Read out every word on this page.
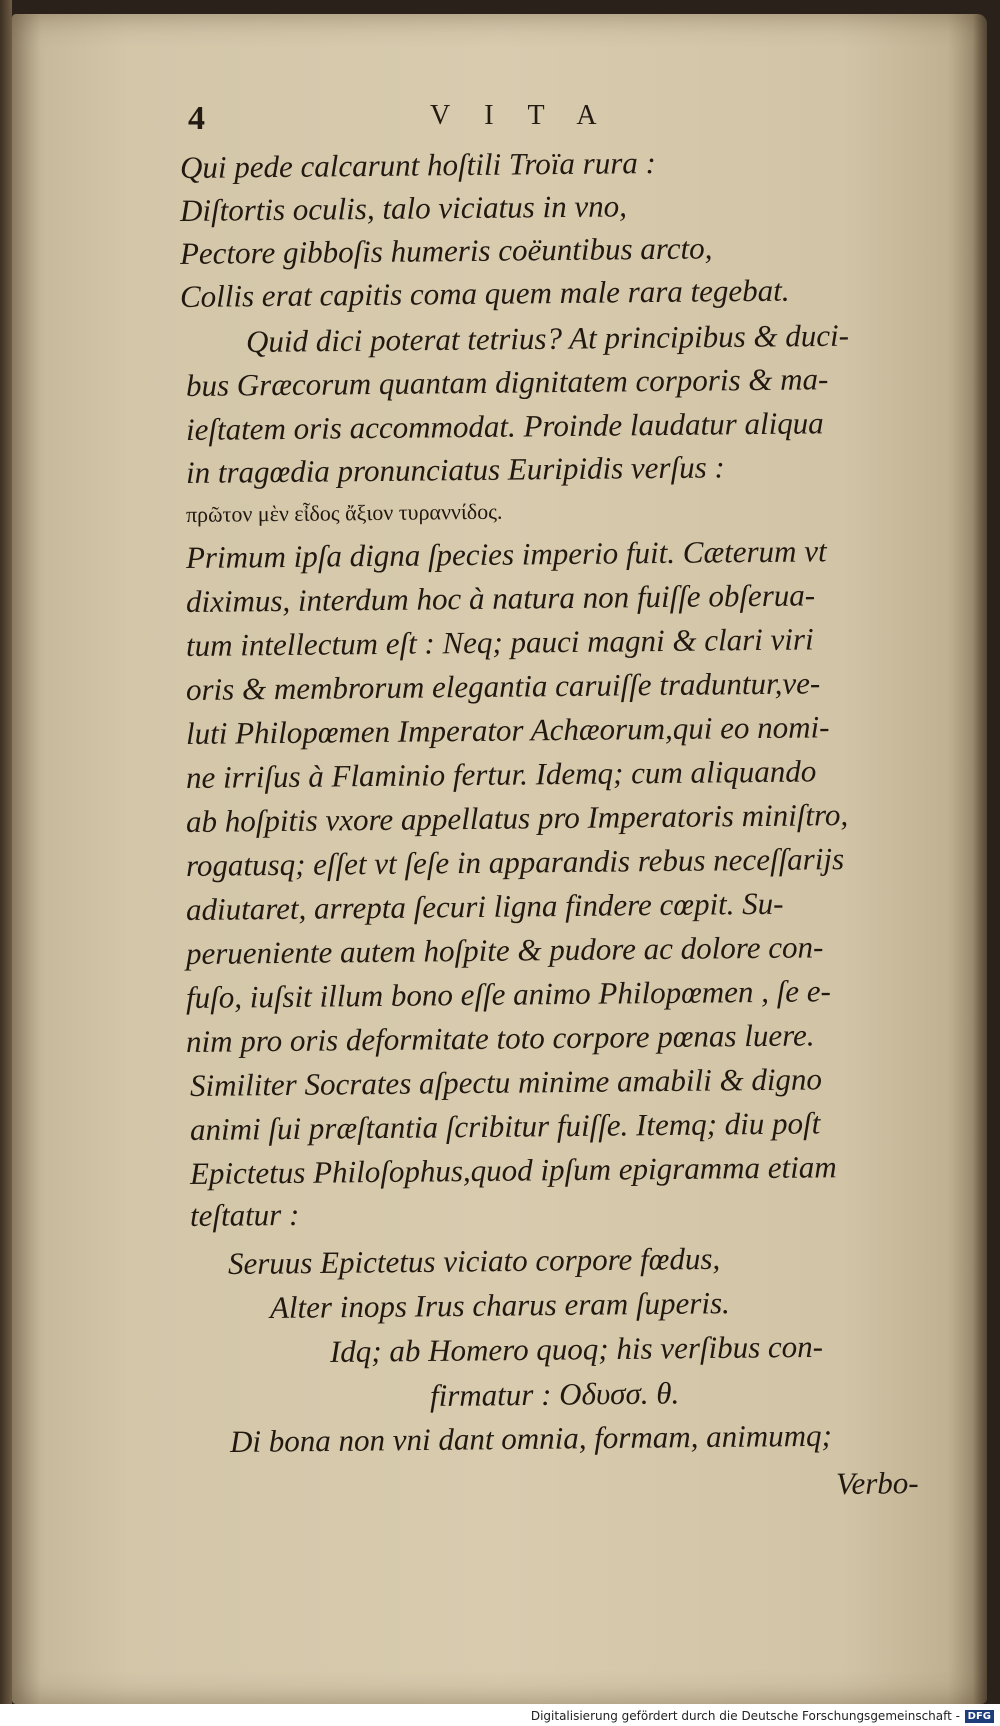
4	VITA
Qui pede calcarunt hoſtili Troïa rura :
Diſtortis oculis, talo viciatus in vno,
Pectore gibboſis humeris coëuntibus arcto,
Collis erat capitis coma quem male rara tegebat.
Quid dici poterat tetrius? At principibus & duci-
bus Græcorum quantam dignitatem corporis & ma-
ieſtatem oris accommodat. Proinde laudatur aliqua
in tragœdia pronunciatus Euripidis verſus :
πρῶτον μὲν εἶδος ἄξιον τυραννίδος.
Primum ipſa digna ſpecies imperio fuit. Cæterum vt
diximus, interdum hoc à natura non fuiſſe obſerua-
tum intellectum eſt : Neq; pauci magni & clari viri
oris & membrorum elegantia caruiſſe traduntur,ve-
luti Philopœmen Imperator Achæorum,qui eo nomi-
ne irriſus à Flaminio fertur. Idemq; cum aliquando
ab hoſpitis vxore appellatus pro Imperatoris miniſtro,
rogatusq; eſſet vt ſeſe in apparandis rebus neceſſarijs
adiutaret, arrepta ſecuri ligna findere cœpit. Su-
perueniente autem hoſpite & pudore ac dolore con-
fuſo, iuſsit illum bono eſſe animo Philopœmen , ſe e-
nim pro oris deformitate toto corpore pœnas luere.
Similiter Socrates aſpectu minime amabili & digno
animi ſui præſtantia ſcribitur fuiſſe. Itemq; diu poſt
Epictetus Philoſophus,quod ipſum epigramma etiam
teſtatur :
Seruus Epictetus viciato corpore fœdus,
Alter inops Irus charus eram ſuperis.
Idq; ab Homero quoq; his verſibus con-
firmatur : Οδυσσ. θ.
Di bona non vni dant omnia, formam, animumq;
Verbo-
Digitalisierung gefördert durch die Deutsche Forschungsgemeinschaft - DFG
